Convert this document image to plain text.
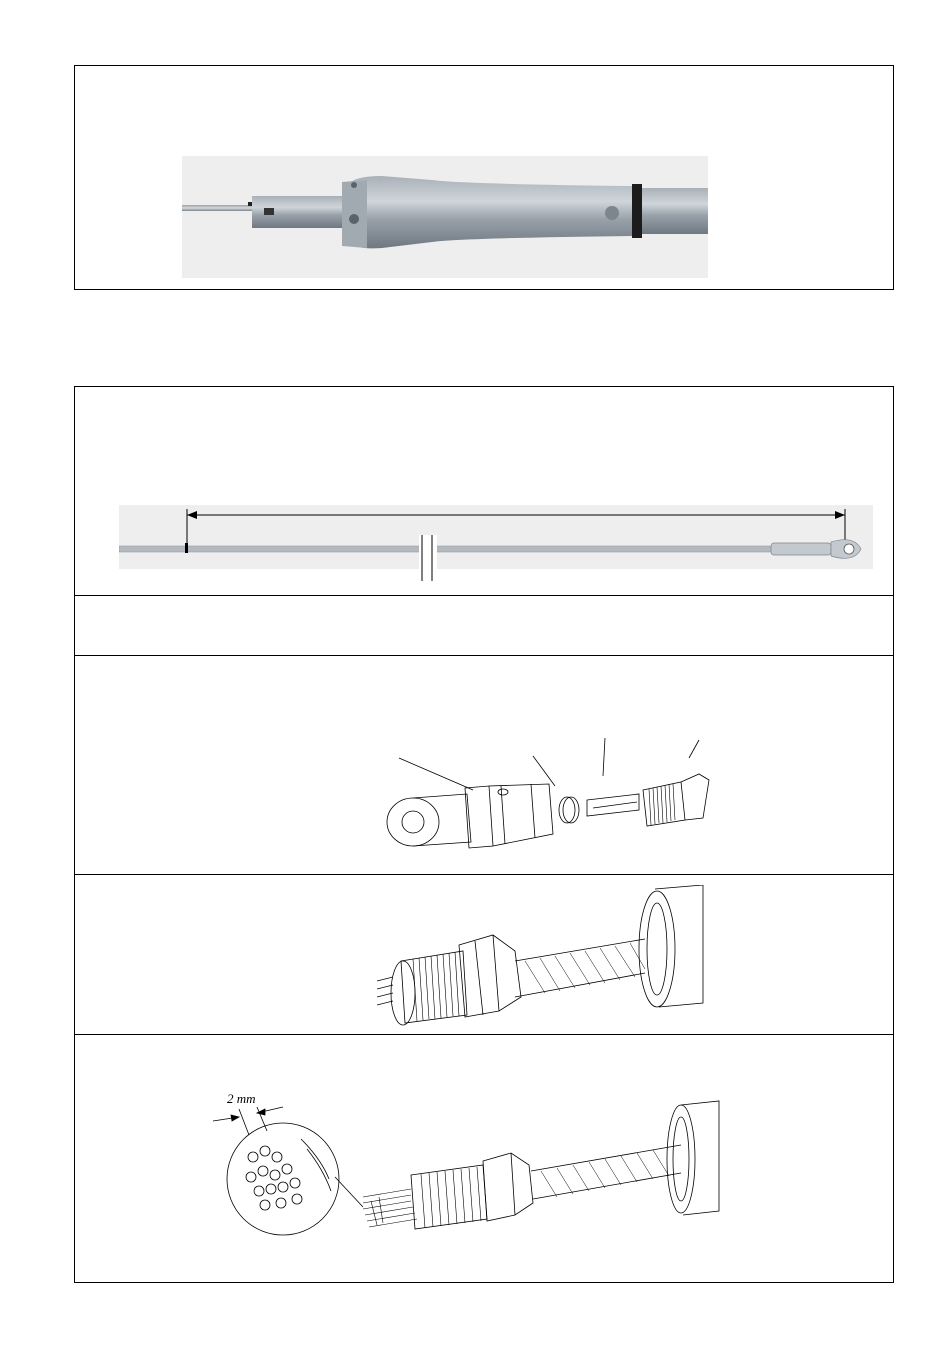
2 mm
